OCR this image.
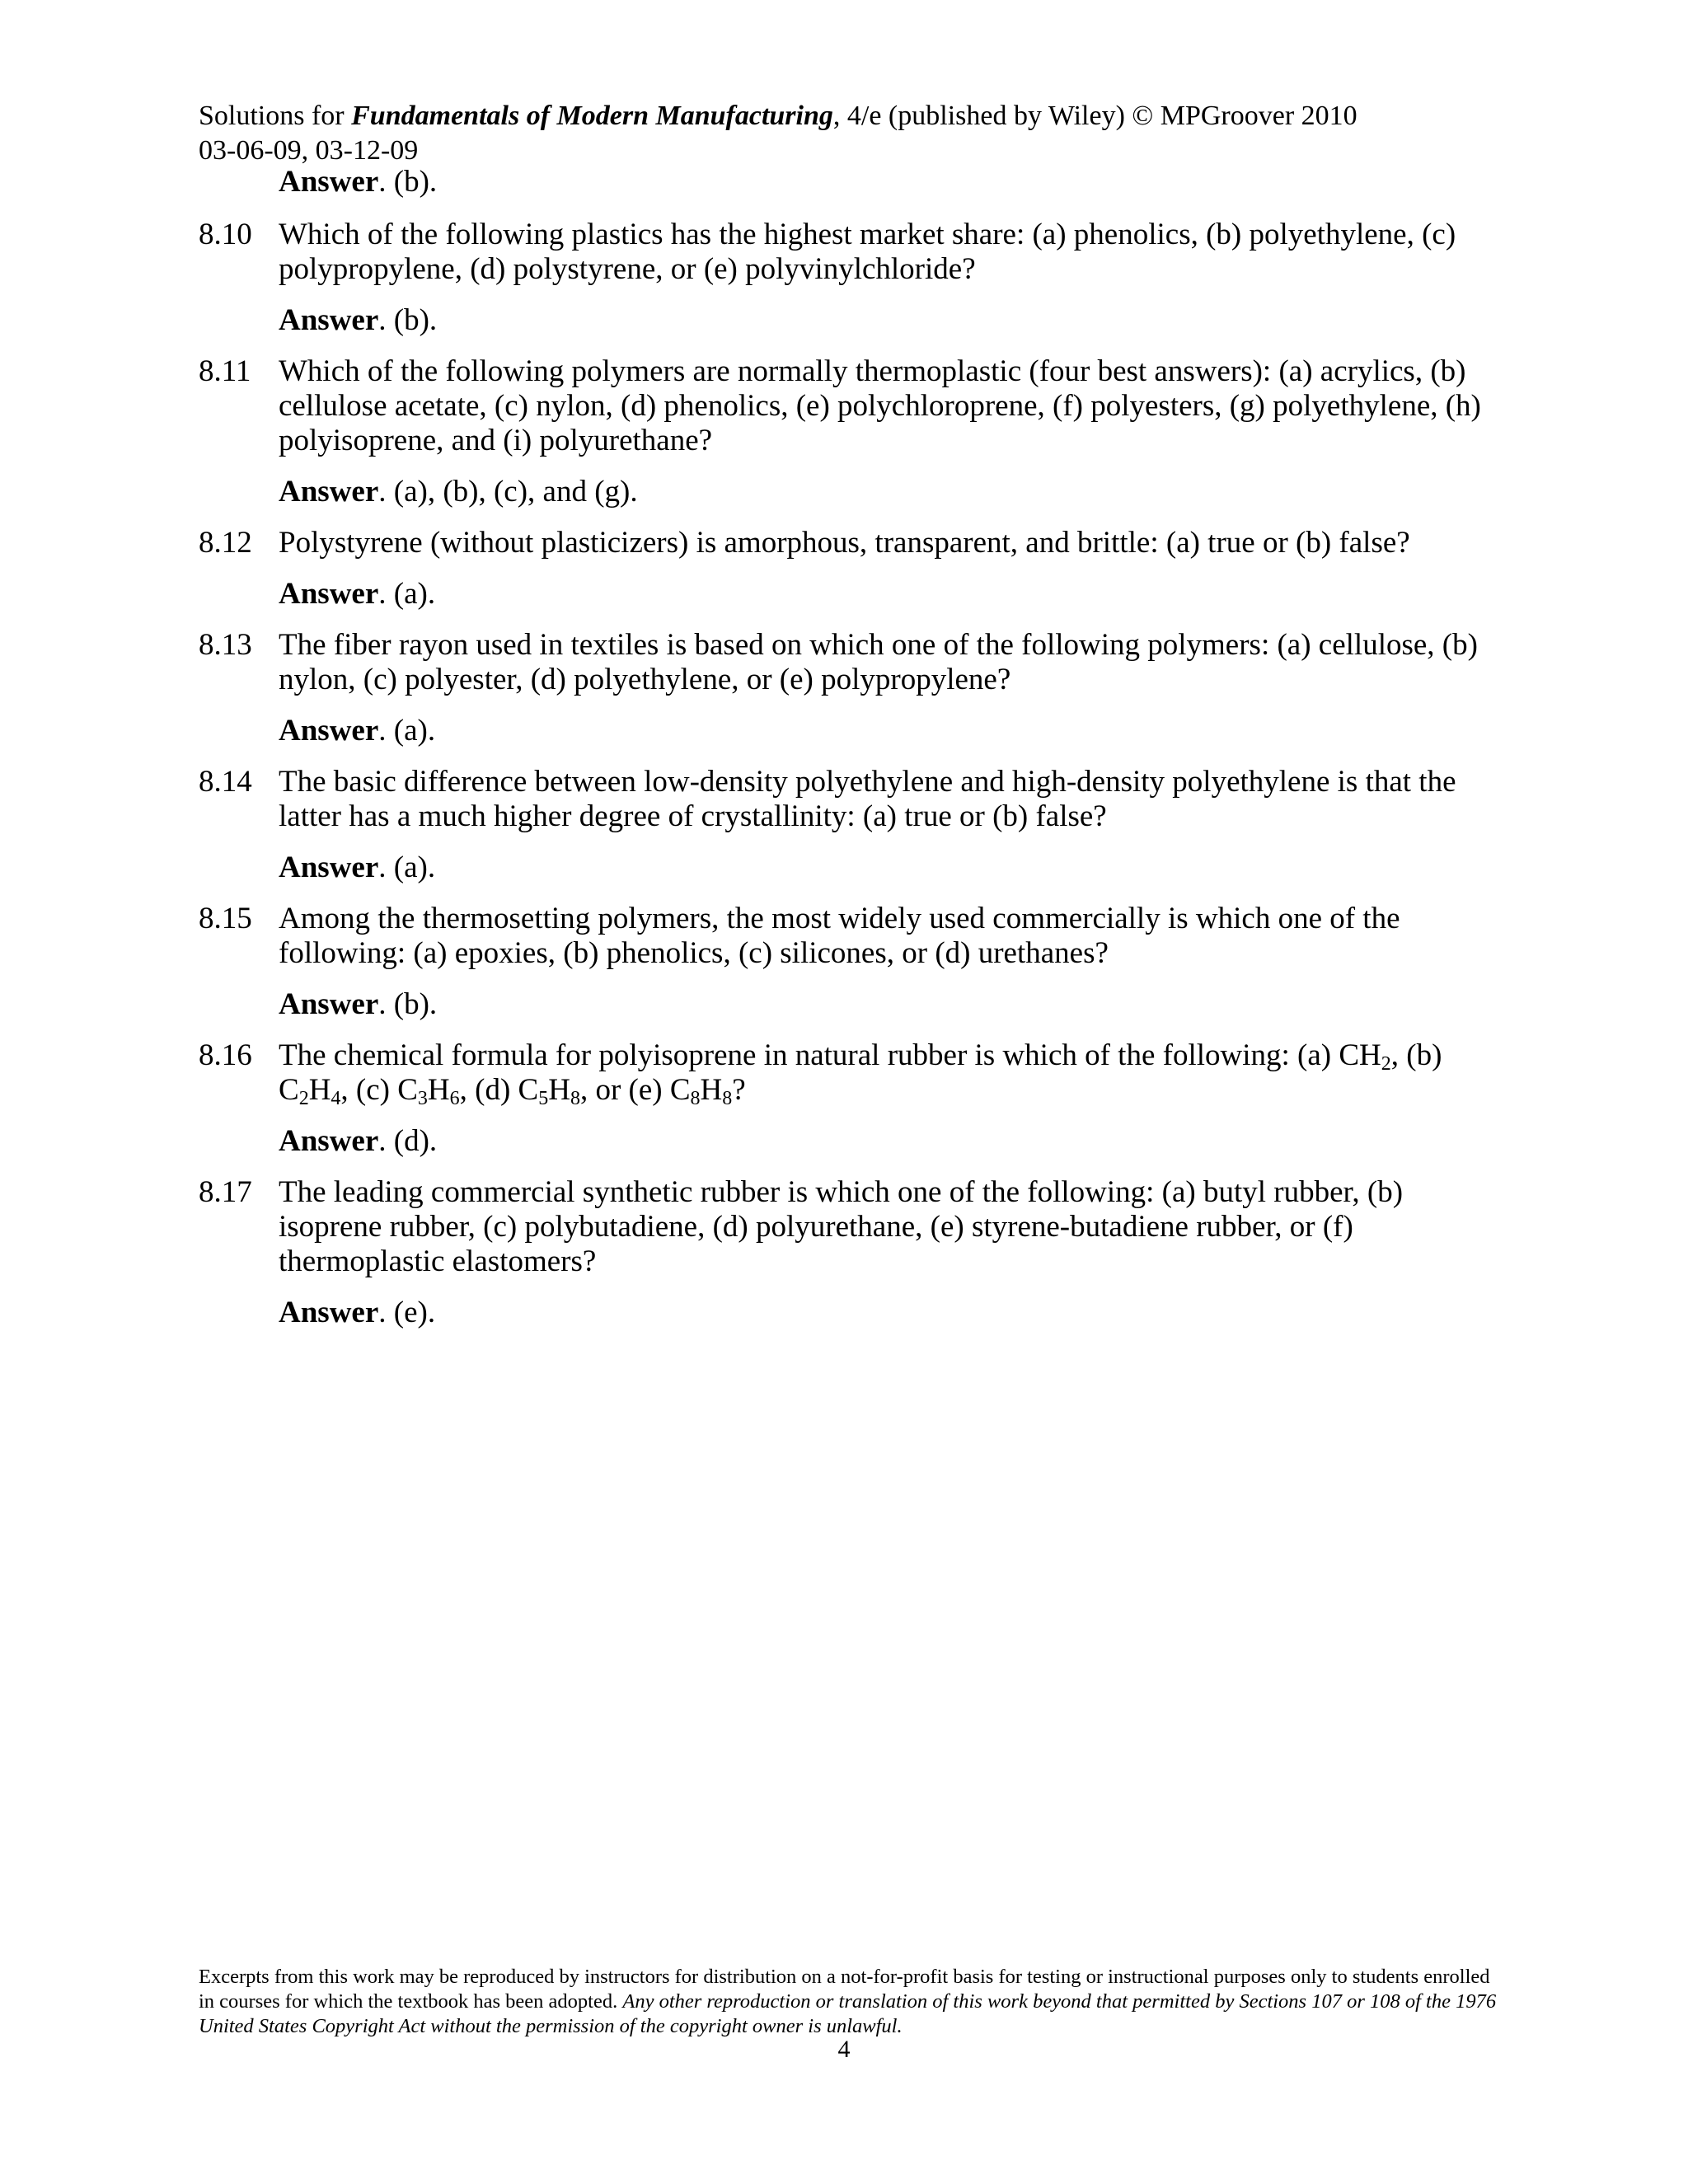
Solutions for Fundamentals of Modern Manufacturing, 4/e (published by Wiley) © MPGroover 2010
03-06-09, 03-12-09
Answer. (b).
8.10 Which of the following plastics has the highest market share: (a) phenolics, (b) polyethylene, (c) polypropylene, (d) polystyrene, or (e) polyvinylchloride?
Answer. (b).
8.11 Which of the following polymers are normally thermoplastic (four best answers): (a) acrylics, (b) cellulose acetate, (c) nylon, (d) phenolics, (e) polychloroprene, (f) polyesters, (g) polyethylene, (h) polyisoprene, and (i) polyurethane?
Answer. (a), (b), (c), and (g).
8.12 Polystyrene (without plasticizers) is amorphous, transparent, and brittle: (a) true or (b) false?
Answer. (a).
8.13 The fiber rayon used in textiles is based on which one of the following polymers: (a) cellulose, (b) nylon, (c) polyester, (d) polyethylene, or (e) polypropylene?
Answer. (a).
8.14 The basic difference between low-density polyethylene and high-density polyethylene is that the latter has a much higher degree of crystallinity: (a) true or (b) false?
Answer. (a).
8.15 Among the thermosetting polymers, the most widely used commercially is which one of the following: (a) epoxies, (b) phenolics, (c) silicones, or (d) urethanes?
Answer. (b).
8.16 The chemical formula for polyisoprene in natural rubber is which of the following: (a) $CH_2$, (b) $C_2H_4$, (c) $C_3H_6$, (d) $C_5H_8$, or (e) $C_8H_8$?
Answer. (d).
8.17 The leading commercial synthetic rubber is which one of the following: (a) butyl rubber, (b) isoprene rubber, (c) polybutadiene, (d) polyurethane, (e) styrene-butadiene rubber, or (f) thermoplastic elastomers?
Answer. (e).
Excerpts from this work may be reproduced by instructors for distribution on a not-for-profit basis for testing or instructional purposes only to students enrolled in courses for which the textbook has been adopted. Any other reproduction or translation of this work beyond that permitted by Sections 107 or 108 of the 1976 United States Copyright Act without the permission of the copyright owner is unlawful.
4
